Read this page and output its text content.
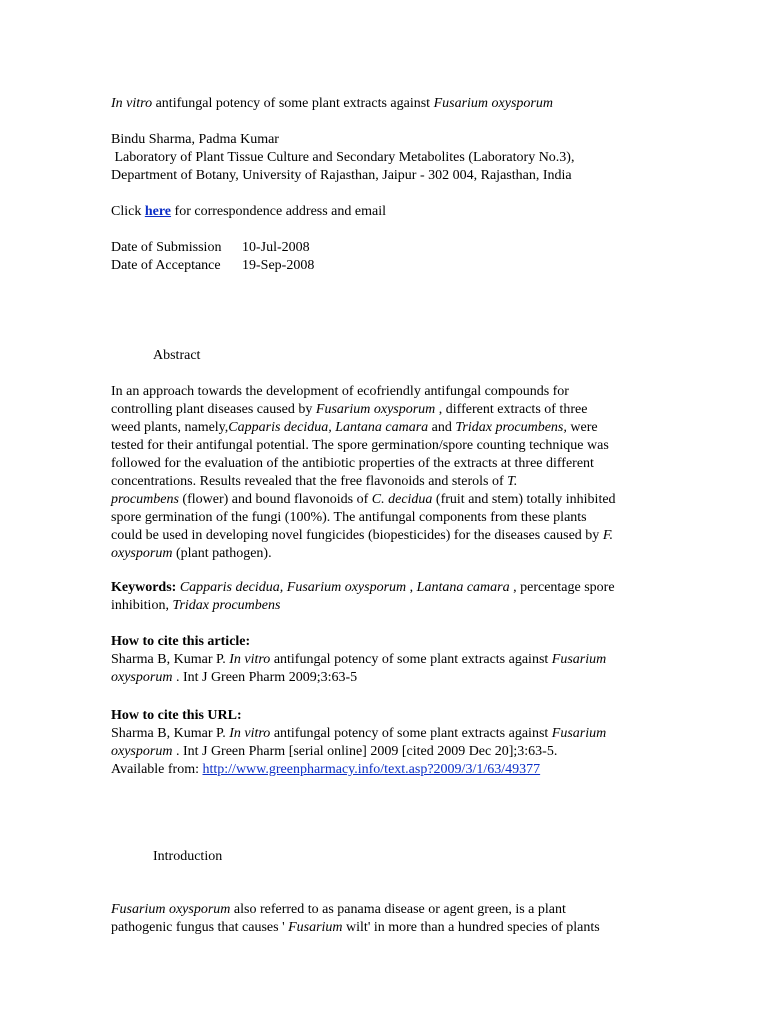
In vitro antifungal potency of some plant extracts against Fusarium oxysporum

Bindu Sharma, Padma Kumar

Laboratory of Plant Tissue Culture and Secondary Metabolites (Laboratory No.3),
Department of Botany, University of Rajasthan, Jaipur - 302 004, Rajasthan, India

Click here for correspondence address and email

Date of Submission 10-Jul-2008
Date of Acceptance 19-Sep-2008

Abstract

In an approach towards the development of ecofriendly antifungal compounds for
controlling plant diseases caused by Fusarium oxysporum , different extracts of three
weed plants, namely,Capparis decidua, Lantana camara and Tridax procumbens, were
tested for their antifungal potential. The spore germination/spore counting technique was
followed for the evaluation of the antibiotic properties of the extracts at three different
concentrations. Results revealed that the free flavonoids and sterols of T.
procumbens (flower) and bound flavonoids of C. decidua (fruit and stem) totally inhibited
spore germination of the fungi (100%). The antifungal components from these plants
could be used in developing novel fungicides (biopesticides) for the diseases caused by F.
oxysporum (plant pathogen).

Keywords: Capparis decidua, Fusarium oxysporum , Lantana camara , percentage spore
inhibition, Tridax procumbens

How to cite this article:
Sharma B, Kumar P. In vitro antifungal potency of some plant extracts against Fusarium
oxysporum . Int J Green Pharm 2009;3:63-5

How to cite this URL:
Sharma B, Kumar P. In vitro antifungal potency of some plant extracts against Fusarium
oxysporum . Int J Green Pharm [serial online] 2009 [cited 2009 Dec 20];3:63-5.
Available from: http://www.greenpharmacy.info/text.asp?2009/3/1/63/49377

Introduction

Fusarium oxysporum also referred to as panama disease or agent green, is a plant
pathogenic fungus that causes ' Fusarium wilt' in more than a hundred species of plants
